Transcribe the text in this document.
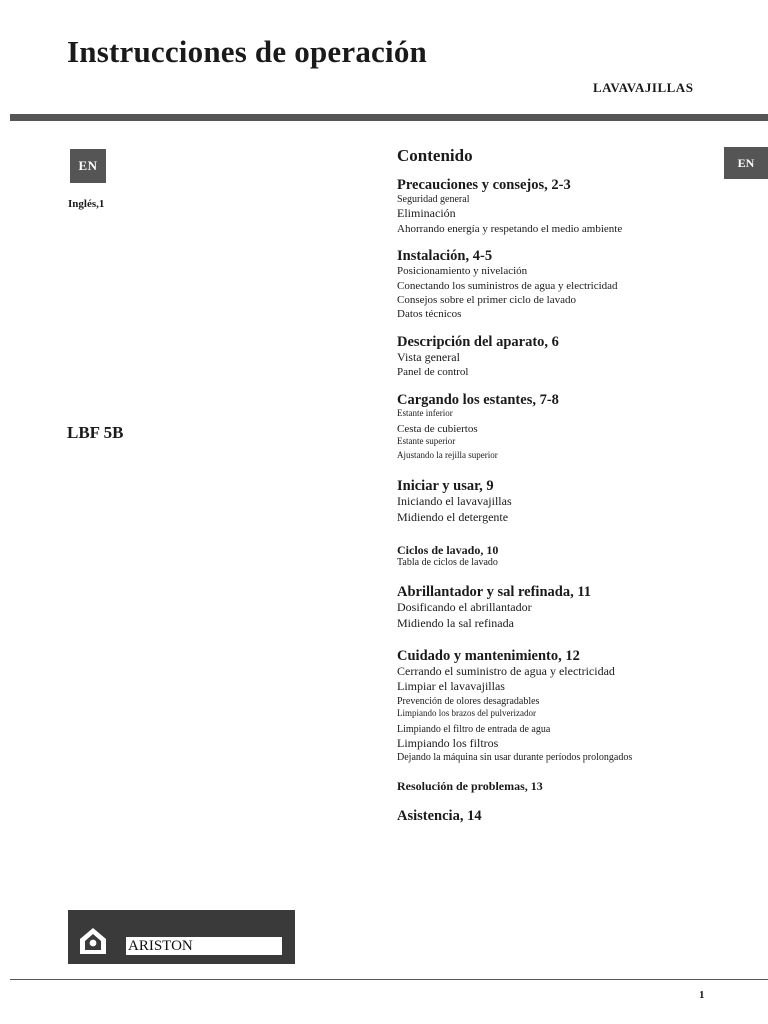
Instrucciones de operación
LAVAVAJILLAS
EN
Inglés,1
EN
LBF 5B
Contenido
Precauciones y consejos, 2-3
Seguridad general
Eliminación
Ahorrando energía y respetando el medio ambiente
Instalación, 4-5
Posicionamiento y nivelación
Conectando los suministros de agua y electricidad
Consejos sobre el primer ciclo de lavado
Datos técnicos
Descripción del aparato, 6
Vista general
Panel de control
Cargando los estantes, 7-8
Estante inferior
Cesta de cubiertos
Estante superior
Ajustando la rejilla superior
Iniciar y usar, 9
Iniciando el lavavajillas
Midiendo el detergente
Ciclos de lavado, 10
Tabla de ciclos de lavado
Abrillantador y sal refinada, 11
Dosificando el abrillantador
Midiendo la sal refinada
Cuidado y mantenimiento, 12
Cerrando el suministro de agua y electricidad
Limpiar el lavavajillas
Prevención de olores desagradables
Limpiando los brazos del pulverizador
Limpiando el filtro de entrada de agua
Limpiando los filtros
Dejando la máquina sin usar durante períodos prolongados
Resolución de problemas, 13
Asistencia, 14
ARISTON
1
